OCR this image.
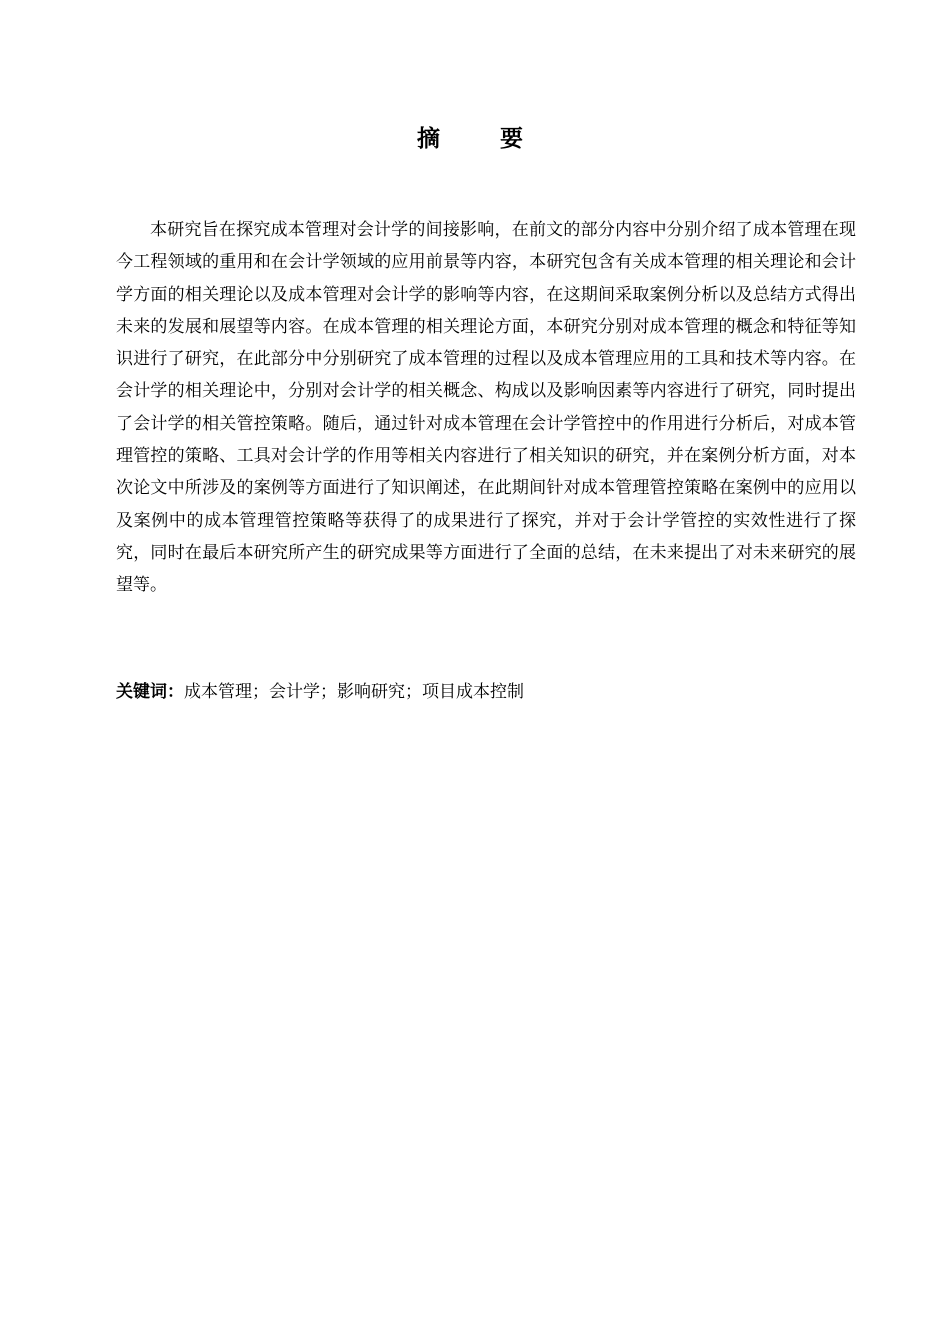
摘 要

本研究旨在探究成本管理对会计学的间接影响，在前文的部分内容中分别介绍了成本管理在现今工程领域的重用和在会计学领域的应用前景等内容，本研究包含有关成本管理的相关理论和会计学方面的相关理论以及成本管理对会计学的影响等内容，在这期间采取案例分析以及总结方式得出未来的发展和展望等内容。在成本管理的相关理论方面，本研究分别对成本管理的概念和特征等知识进行了研究，在此部分中分别研究了成本管理的过程以及成本管理应用的工具和技术等内容。在会计学的相关理论中，分别对会计学的相关概念、构成以及影响因素等内容进行了研究，同时提出了会计学的相关管控策略。随后，通过针对成本管理在会计学管控中的作用进行分析后，对成本管理管控的策略、工具对会计学的作用等相关内容进行了相关知识的研究，并在案例分析方面，对本次论文中所涉及的案例等方面进行了知识阐述，在此期间针对成本管理管控策略在案例中的应用以及案例中的成本管理管控策略等获得了的成果进行了探究，并对于会计学管控的实效性进行了探究，同时在最后本研究所产生的研究成果等方面进行了全面的总结，在未来提出了对未来研究的展望等。

关键词：成本管理；会计学；影响研究；项目成本控制
